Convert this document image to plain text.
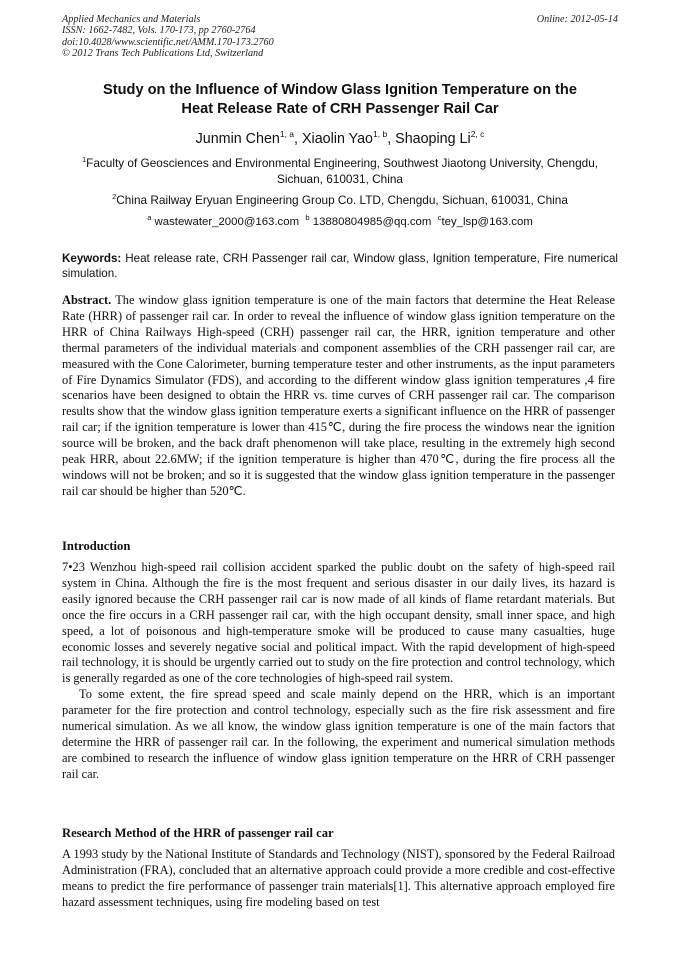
Applied Mechanics and Materials
ISSN: 1662-7482, Vols. 170-173, pp 2760-2764
doi:10.4028/www.scientific.net/AMM.170-173.2760
© 2012 Trans Tech Publications Ltd, Switzerland
Online: 2012-05-14
Study on the Influence of Window Glass Ignition Temperature on the
Heat Release Rate of CRH Passenger Rail Car
Junmin Chen$^{1, a}$, Xiaolin Yao$^{1, b}$, Shaoping Li$^{2, c}$
$^1$Faculty of Geosciences and Environmental Engineering, Southwest Jiaotong University, Chengdu, Sichuan, 610031, China
$^2$China Railway Eryuan Engineering Group Co. LTD, Chengdu, Sichuan, 610031, China
$^a$ wastewater_2000@163.com $^b$ 13880804985@qq.com $^c$tey_lsp@163.com
Keywords: Heat release rate, CRH Passenger rail car, Window glass, Ignition temperature, Fire numerical simulation.

Abstract. The window glass ignition temperature is one of the main factors that determine the Heat Release Rate (HRR) of passenger rail car. In order to reveal the influence of window glass ignition temperature on the HRR of China Railways High-speed (CRH) passenger rail car, the HRR, ignition temperature and other thermal parameters of the individual materials and component assemblies of the CRH passenger rail car, are measured with the Cone Calorimeter, burning temperature tester and other instruments, as the input parameters of Fire Dynamics Simulator (FDS), and according to the different window glass ignition temperatures ,4 fire scenarios have been designed to obtain the HRR vs. time curves of CRH passenger rail car. The comparison results show that the window glass ignition temperature exerts a significant influence on the HRR of passenger rail car; if the ignition temperature is lower than 415℃, during the fire process the windows near the ignition source will be broken, and the back draft phenomenon will take place, resulting in the extremely high second peak HRR, about 22.6MW; if the ignition temperature is higher than 470℃, during the fire process all the windows will not be broken; and so it is suggested that the window glass ignition temperature in the passenger rail car should be higher than 520℃.

Introduction

7•23 Wenzhou high-speed rail collision accident sparked the public doubt on the safety of high-speed rail system in China. Although the fire is the most frequent and serious disaster in our daily lives, its hazard is easily ignored because the CRH passenger rail car is now made of all kinds of flame retardant materials. But once the fire occurs in a CRH passenger rail car, with the high occupant density, small inner space, and high speed, a lot of poisonous and high-temperature smoke will be produced to cause many casualties, huge economic losses and severely negative social and political impact. With the rapid development of high-speed rail technology, it is should be urgently carried out to study on the fire protection and control technology, which is generally regarded as one of the core technologies of high-speed rail system.

To some extent, the fire spread speed and scale mainly depend on the HRR, which is an important parameter for the fire protection and control technology, especially such as the fire risk assessment and fire numerical simulation. As we all know, the window glass ignition temperature is one of the main factors that determine the HRR of passenger rail car. In the following, the experiment and numerical simulation methods are combined to research the influence of window glass ignition temperature on the HRR of CRH passenger rail car.

Research Method of the HRR of passenger rail car

A 1993 study by the National Institute of Standards and Technology (NIST), sponsored by the Federal Railroad Administration (FRA), concluded that an alternative approach could provide a more credible and cost-effective means to predict the fire performance of passenger train materials[1]. This alternative approach employed fire hazard assessment techniques, using fire modeling based on test
